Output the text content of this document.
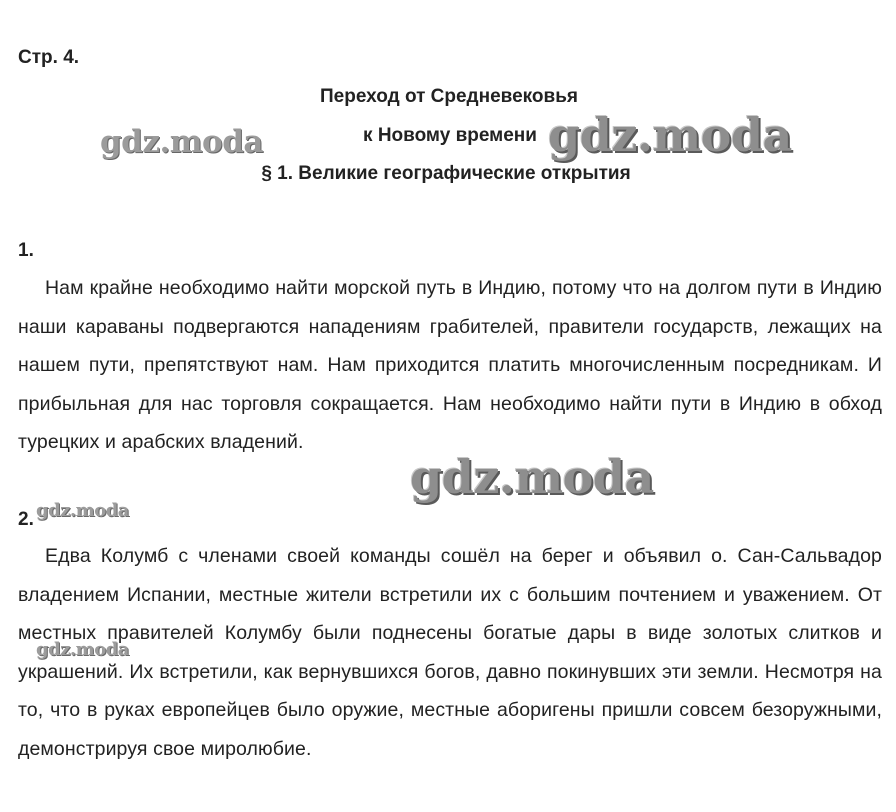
Стр. 4.
Переход от Средневековья
к Новому времени
§ 1. Великие географические открытия
1.
Нам крайне необходимо найти морской путь в Индию, потому что на долгом пути в Индию наши караваны подвергаются нападениям грабителей, правители государств, лежащих на нашем пути, препятствуют нам. Нам приходится платить многочисленным посредникам. И прибыльная для нас торговля сокращается. Нам необходимо найти пути в Индию в обход турецких и арабских владений.
2.
Едва Колумб с членами своей команды сошёл на берег и объявил о. Сан-Сальвадор владением Испании, местные жители встретили их с большим почтением и уважением. От местных правителей Колумбу были поднесены богатые дары в виде золотых слитков и украшений. Их встретили, как вернувшихся богов, давно покинувших эти земли. Несмотря на то, что в руках европейцев было оружие, местные аборигены пришли совсем безоружными, демонстрируя свое миролюбие.
gdz.moda	gdz.moda
gdz.moda
gdz.moda
gdz.moda
